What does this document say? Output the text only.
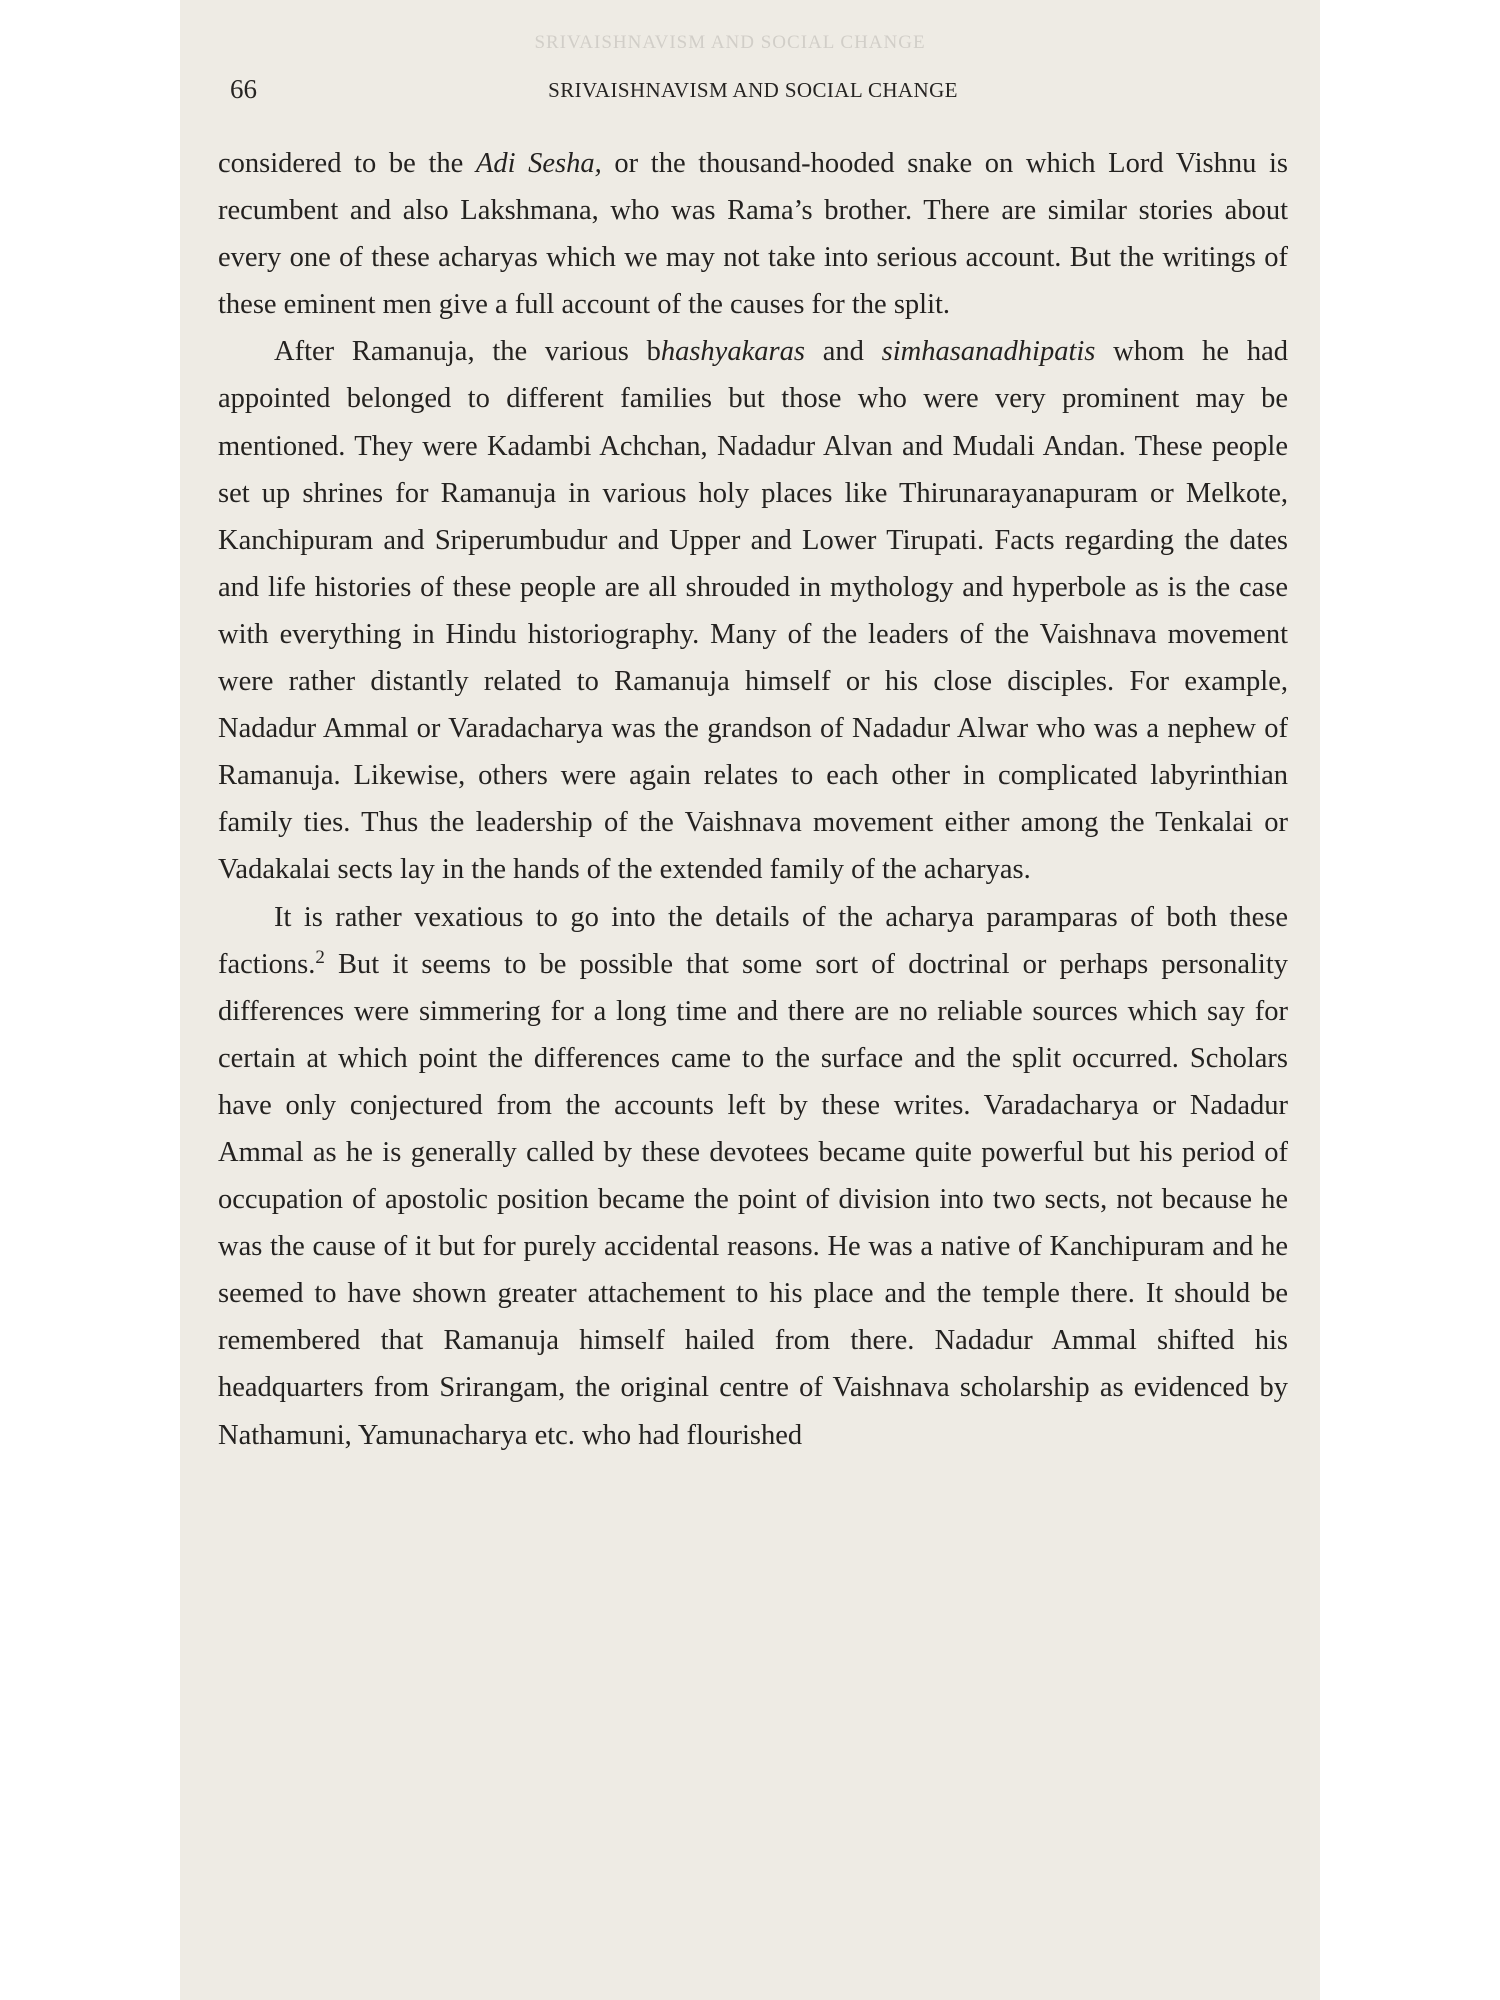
SRIVAISHNAVISM AND SOCIAL CHANGE
66	SRIVAISHNAVISM AND SOCIAL CHANGE

considered to be the Adi Sesha, or the thousand-hooded snake on which Lord Vishnu is recumbent and also Lakshmana, who was Rama’s brother. There are similar stories about every one of these acharyas which we may not take into serious account. But the writings of these eminent men give a full account of the causes for the split.

After Ramanuja, the various bhashyakaras and simhasanadhipatis whom he had appointed belonged to different families but those who were very prominent may be mentioned. They were Kadambi Achchan, Nadadur Alvan and Mudali Andan. These people set up shrines for Ramanuja in various holy places like Thirunarayanapuram or Melkote, Kanchipuram and Sriperumbudur and Upper and Lower Tirupati. Facts regarding the dates and life histories of these people are all shrouded in mythology and hyperbole as is the case with everything in Hindu historiography. Many of the leaders of the Vaishnava movement were rather distantly related to Ramanuja himself or his close disciples. For example, Nadadur Ammal or Varadacharya was the grandson of Nadadur Alwar who was a nephew of Ramanuja. Likewise, others were again relates to each other in complicated labyrinthian family ties. Thus the leadership of the Vaishnava movement either among the Tenkalai or Vadakalai sects lay in the hands of the extended family of the acharyas.

It is rather vexatious to go into the details of the acharya paramparas of both these factions.$^2$ But it seems to be possible that some sort of doctrinal or perhaps personality differences were simmering for a long time and there are no reliable sources which say for certain at which point the differences came to the surface and the split occurred. Scholars have only conjectured from the accounts left by these writes. Varadacharya or Nadadur Ammal as he is generally called by these devotees became quite powerful but his period of occupation of apostolic position became the point of division into two sects, not because he was the cause of it but for purely accidental reasons. He was a native of Kanchipuram and he seemed to have shown greater attachement to his place and the temple there. It should be remembered that Ramanuja himself hailed from there. Nadadur Ammal shifted his headquarters from Srirangam, the original centre of Vaishnava scholarship as evidenced by Nathamuni, Yamunacharya etc. who had flourished
